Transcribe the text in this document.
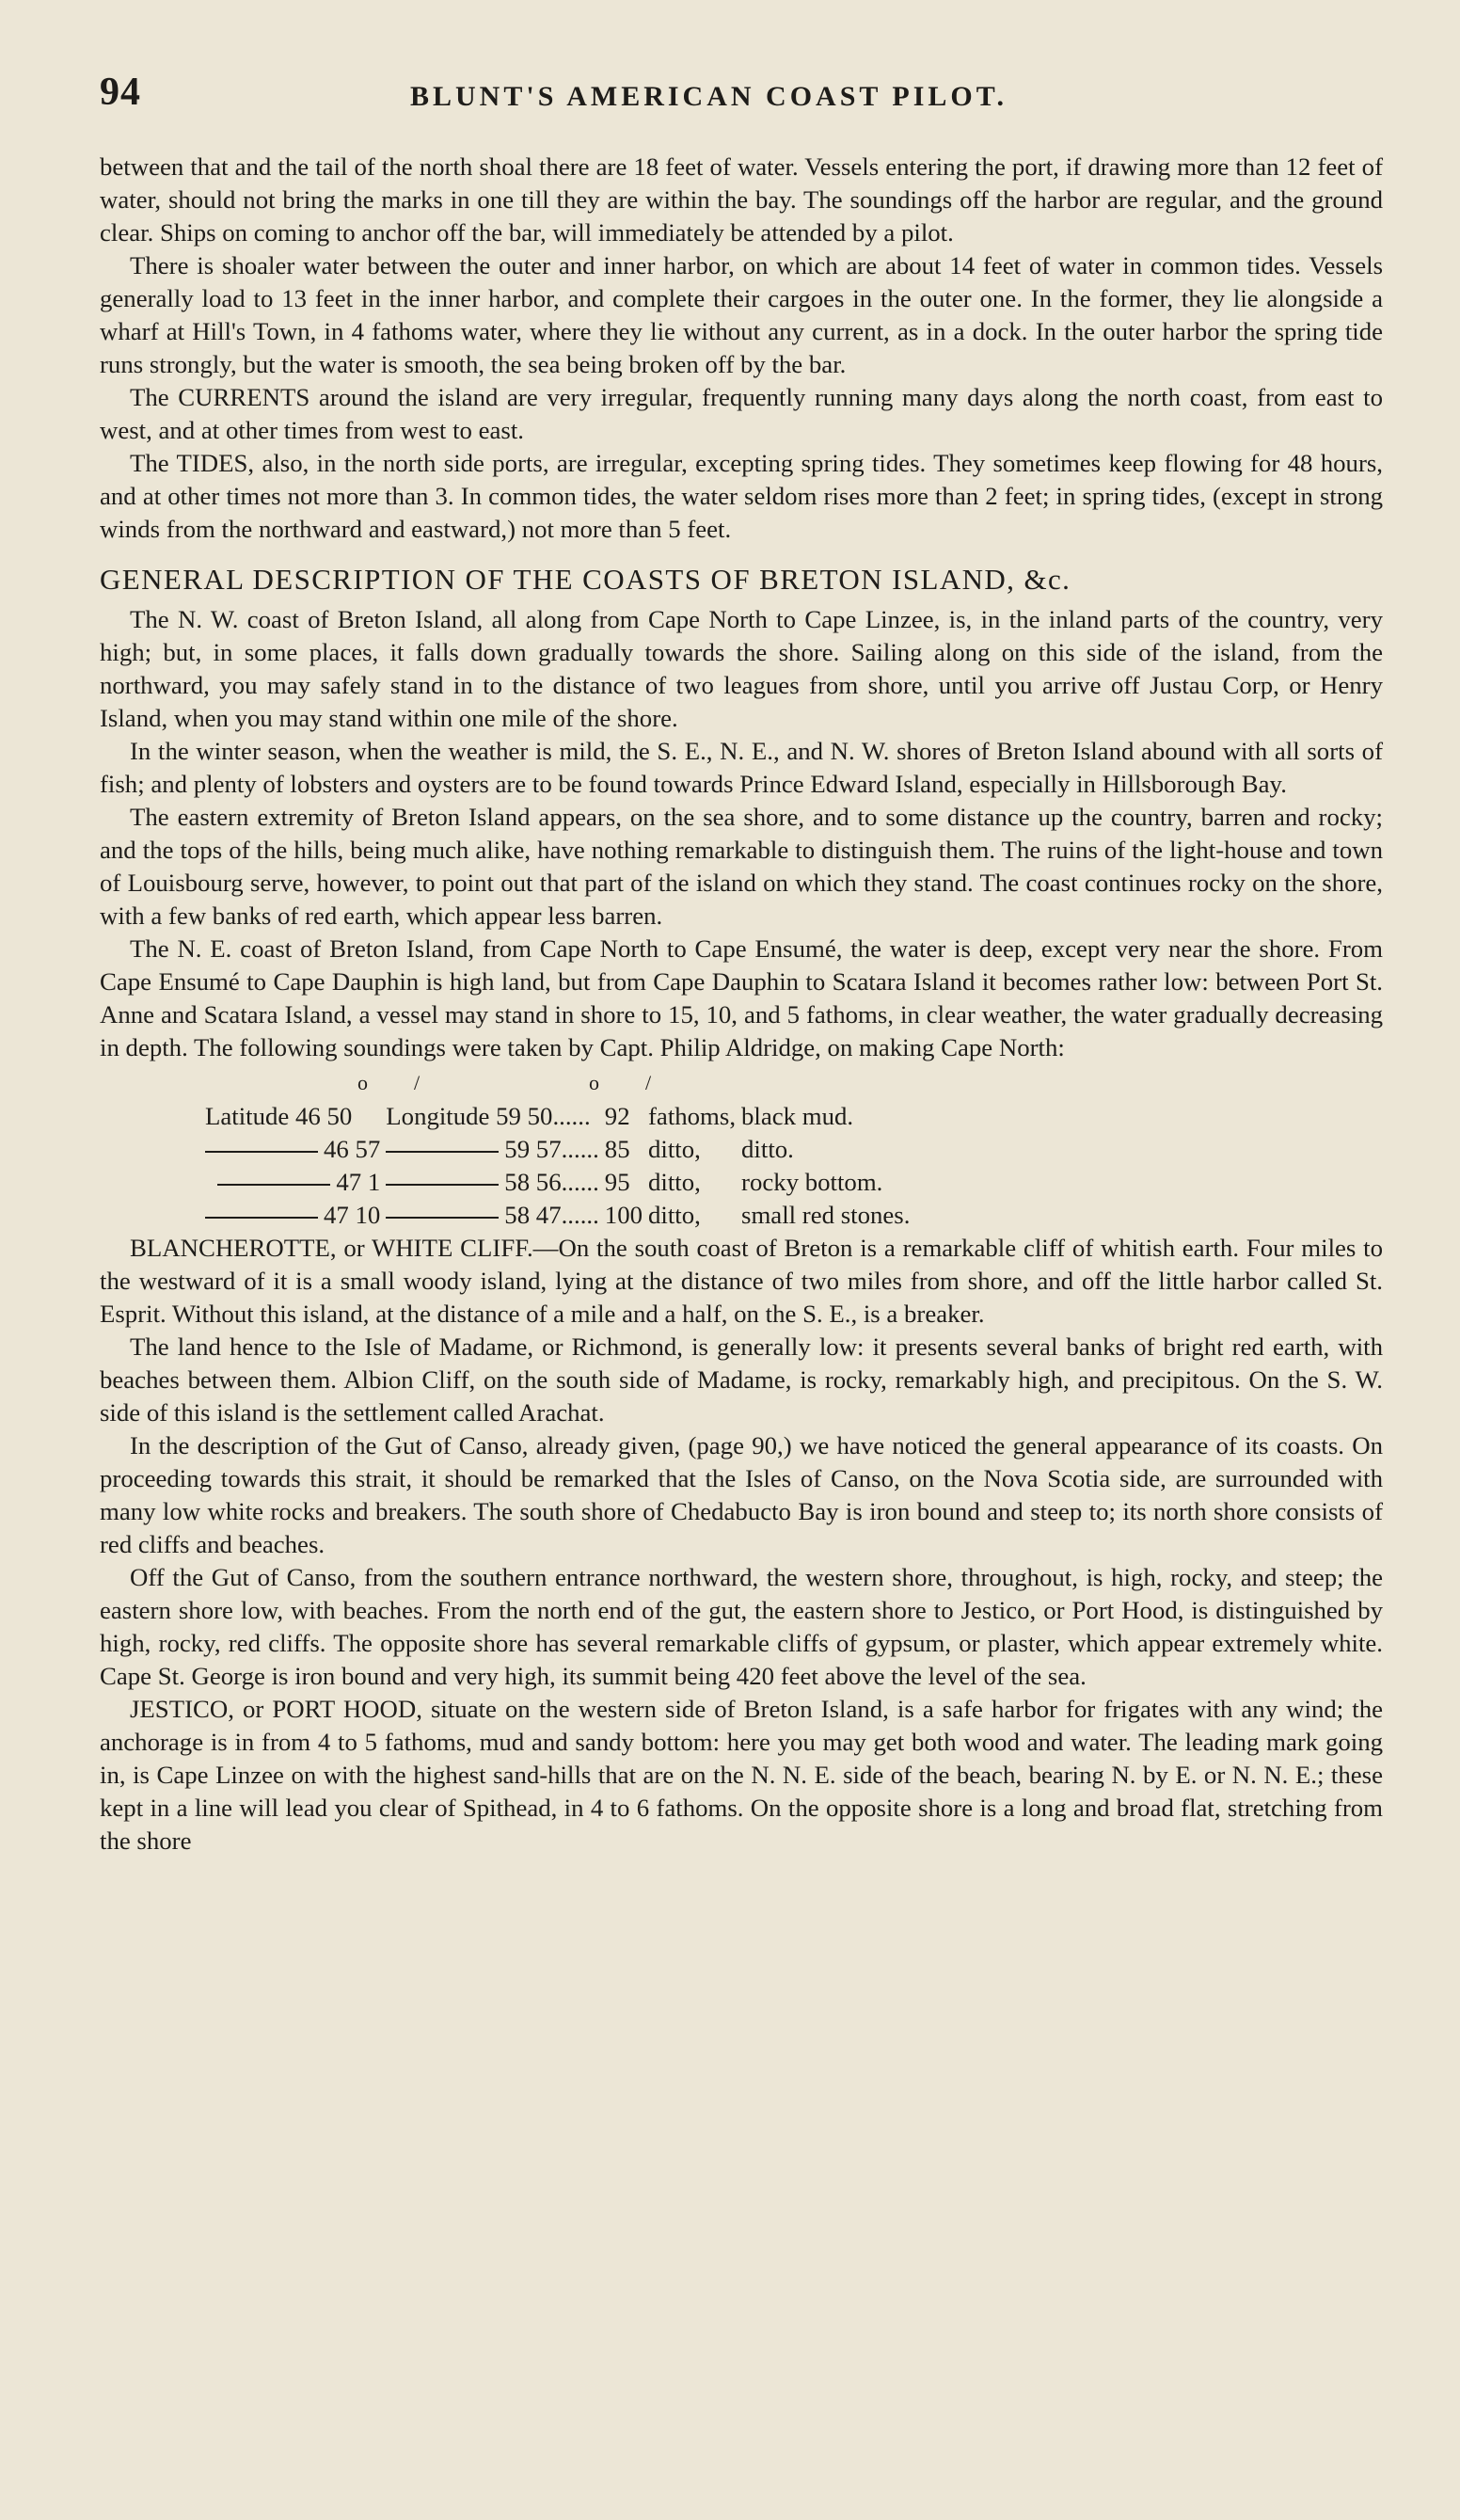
94	BLUNT'S AMERICAN COAST PILOT.

between that and the tail of the north shoal there are 18 feet of water. Vessels entering the port, if drawing more than 12 feet of water, should not bring the marks in one till they are within the bay. The soundings off the harbor are regular, and the ground clear. Ships on coming to anchor off the bar, will immediately be attended by a pilot.

There is shoaler water between the outer and inner harbor, on which are about 14 feet of water in common tides. Vessels generally load to 13 feet in the inner harbor, and complete their cargoes in the outer one. In the former, they lie alongside a wharf at Hill's Town, in 4 fathoms water, where they lie without any current, as in a dock. In the outer harbor the spring tide runs strongly, but the water is smooth, the sea being broken off by the bar.

The CURRENTS around the island are very irregular, frequently running many days along the north coast, from east to west, and at other times from west to east.

The TIDES, also, in the north side ports, are irregular, excepting spring tides. They sometimes keep flowing for 48 hours, and at other times not more than 3. In common tides, the water seldom rises more than 2 feet; in spring tides, (except in strong winds from the northward and eastward,) not more than 5 feet.

GENERAL DESCRIPTION OF THE COASTS OF BRETON ISLAND, &c.

The N. W. coast of Breton Island, all along from Cape North to Cape Linzee, is, in the inland parts of the country, very high; but, in some places, it falls down gradually towards the shore. Sailing along on this side of the island, from the northward, you may safely stand in to the distance of two leagues from shore, until you arrive off Justau Corp, or Henry Island, when you may stand within one mile of the shore.

In the winter season, when the weather is mild, the S. E., N. E., and N. W. shores of Breton Island abound with all sorts of fish; and plenty of lobsters and oysters are to be found towards Prince Edward Island, especially in Hillsborough Bay.

The eastern extremity of Breton Island appears, on the sea shore, and to some distance up the country, barren and rocky; and the tops of the hills, being much alike, have nothing remarkable to distinguish them. The ruins of the light-house and town of Louisbourg serve, however, to point out that part of the island on which they stand. The coast continues rocky on the shore, with a few banks of red earth, which appear less barren.

The N. E. coast of Breton Island, from Cape North to Cape Ensumé, the water is deep, except very near the shore. From Cape Ensumé to Cape Dauphin is high land, but from Cape Dauphin to Scatara Island it becomes rather low: between Port St. Anne and Scatara Island, a vessel may stand in shore to 15, 10, and 5 fathoms, in clear weather, the water gradually decreasing in depth. The following soundings were taken by Capt. Philip Aldridge, on making Cape North:

o /	o /
Latitude 46 50	Longitude 59 50......	92	fathoms,	black mud.
46 57	59 57......	85	ditto,	ditto.
47 1	58 56......	95	ditto,	rocky bottom.
47 10	58 47......	100	ditto,	small red stones.

BLANCHEROTTE, or WHITE CLIFF.—On the south coast of Breton is a remarkable cliff of whitish earth. Four miles to the westward of it is a small woody island, lying at the distance of two miles from shore, and off the little harbor called St. Esprit. Without this island, at the distance of a mile and a half, on the S. E., is a breaker.

The land hence to the Isle of Madame, or Richmond, is generally low: it presents several banks of bright red earth, with beaches between them. Albion Cliff, on the south side of Madame, is rocky, remarkably high, and precipitous. On the S. W. side of this island is the settlement called Arachat.

In the description of the Gut of Canso, already given, (page 90,) we have noticed the general appearance of its coasts. On proceeding towards this strait, it should be remarked that the Isles of Canso, on the Nova Scotia side, are surrounded with many low white rocks and breakers. The south shore of Chedabucto Bay is iron bound and steep to; its north shore consists of red cliffs and beaches.

Off the Gut of Canso, from the southern entrance northward, the western shore, throughout, is high, rocky, and steep; the eastern shore low, with beaches. From the north end of the gut, the eastern shore to Jestico, or Port Hood, is distinguished by high, rocky, red cliffs. The opposite shore has several remarkable cliffs of gypsum, or plaster, which appear extremely white. Cape St. George is iron bound and very high, its summit being 420 feet above the level of the sea.

JESTICO, or PORT HOOD, situate on the western side of Breton Island, is a safe harbor for frigates with any wind; the anchorage is in from 4 to 5 fathoms, mud and sandy bottom: here you may get both wood and water. The leading mark going in, is Cape Linzee on with the highest sand-hills that are on the N. N. E. side of the beach, bearing N. by E. or N. N. E.; these kept in a line will lead you clear of Spithead, in 4 to 6 fathoms. On the opposite shore is a long and broad flat, stretching from the shore
